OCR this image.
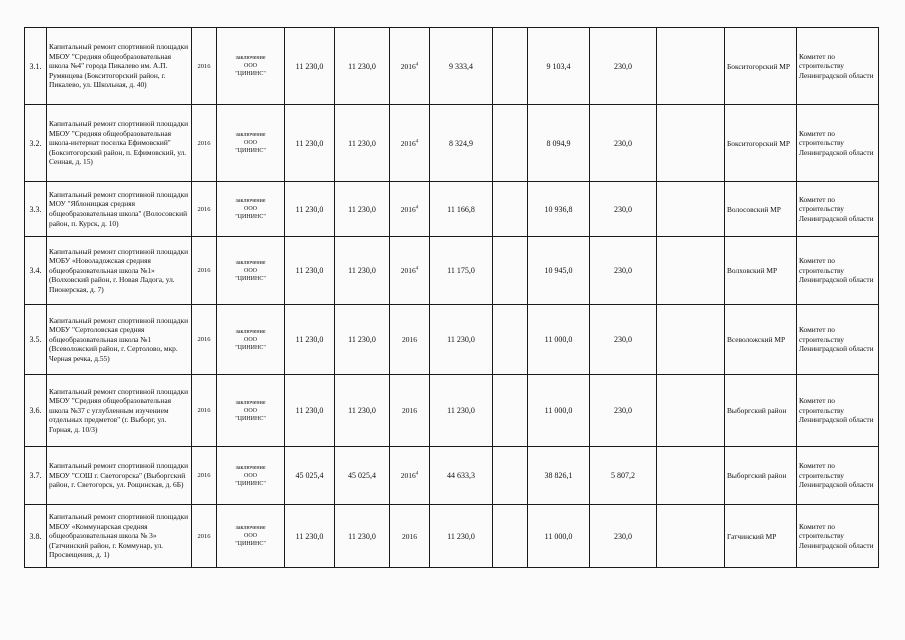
3.1.	Капитальный ремонт спортивной площадки МБОУ "Средняя общеобразовательная школа №4" города Пикалево им. А.П. Румянцева (Бокситогорский район, г. Пикалево, ул. Школьная, д. 40)	2016	заключение
ООО
"ЦИНИНС"	11 230,0	11 230,0	2016$^4$	9 333,4		9 103,4	230,0		Бокситогорский МР	Комитет по строительству Ленинградской области
3.2.	Капитальный ремонт спортивной площадки МБОУ "Средняя общеобразовательная школа-интернат поселка Ефимовский" (Бокситогорский район, п. Ефимовский, ул. Сенная, д. 15)	2016	заключение
ООО
"ЦИНИНС"	11 230,0	11 230,0	2016$^4$	8 324,9		8 094,9	230,0		Бокситогорский МР	Комитет по строительству Ленинградской области
3.3.	Капитальный ремонт спортивной площадки МОУ "Яблоницкая средняя общеобразовательная школа" (Волосовский район, п. Курск, д. 10)	2016	заключение
ООО
"ЦИНИНС"	11 230,0	11 230,0	2016$^4$	11 166,8		10 936,8	230,0		Волосовский МР	Комитет по строительству Ленинградской области
3.4.	Капитальный ремонт спортивной площадки МОБУ «Новоладожская средняя общеобразовательная школа №1» (Волховский район, г. Новая Ладога, ул. Пионерская, д. 7)	2016	заключение
ООО
"ЦИНИНС"	11 230,0	11 230,0	2016$^4$	11 175,0		10 945,0	230,0		Волховский МР	Комитет по строительству Ленинградской области
3.5.	Капитальный ремонт спортивной площадки МОБУ "Сертоловская средняя общеобразовательная школа №1 (Всеволожский район, г. Сертолово, мкр. Черная речка, д.55)	2016	заключение
ООО
"ЦИНИНС"	11 230,0	11 230,0	2016	11 230,0		11 000,0	230,0		Всеволожский МР	Комитет по строительству Ленинградской области
3.6.	Капитальный ремонт спортивной площадки МБОУ "Средняя общеобразовательная школа №37 с углубленным изучением отдельных предметов" (г. Выборг, ул. Горная, д. 10/3)	2016	заключение
ООО
"ЦИНИНС"	11 230,0	11 230,0	2016	11 230,0		11 000,0	230,0		Выборгский район	Комитет по строительству Ленинградской области
3.7.	Капитальный ремонт спортивной площадки МБОУ "СОШ г. Светогорска" (Выборгский район, г. Светогорск, ул. Рощинская, д. 6Б)	2016	заключение
ООО
"ЦИНИНС"	45 025,4	45 025,4	2016$^4$	44 633,3		38 826,1	5 807,2		Выборгский район	Комитет по строительству Ленинградской области
3.8.	Капитальный ремонт спортивной площадки МБОУ «Коммунарская средняя общеобразовательная школа № 3» (Гатчинский район, г. Коммунар, ул. Просвещения, д. 1)	2016	заключение
ООО
"ЦИНИНС"	11 230,0	11 230,0	2016	11 230,0		11 000,0	230,0		Гатчинский МР	Комитет по строительству Ленинградской области
